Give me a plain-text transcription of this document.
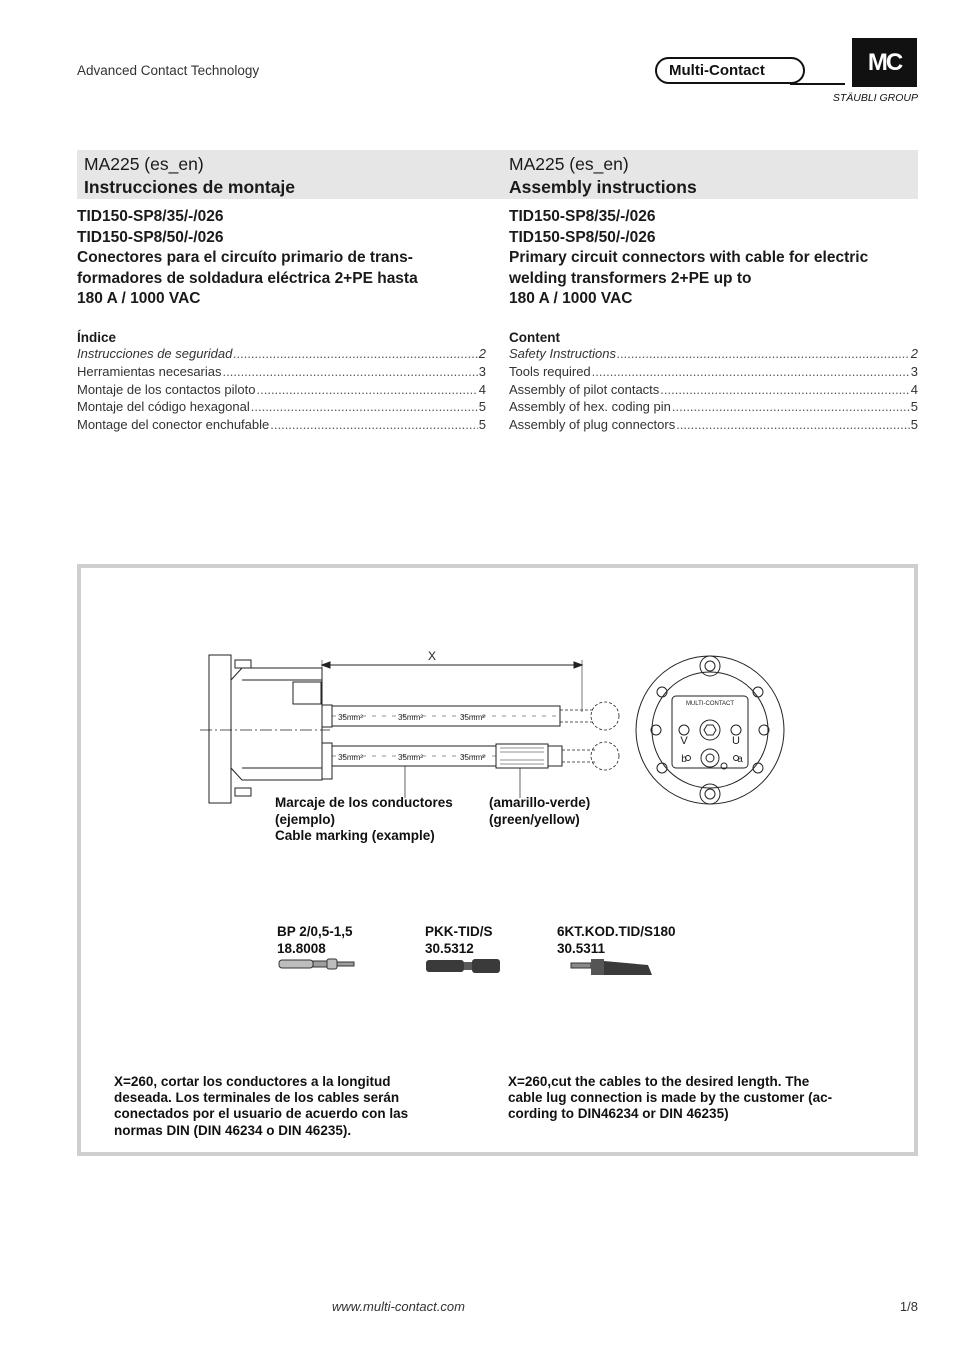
Advanced Contact Technology	Multi-Contact	MC
STÄUBLI GROUP
MA225 (es_en)
Instrucciones de montaje
MA225 (es_en)
Assembly instructions
TID150-SP8/35/-/026
TID150-SP8/50/-/026
Conectores para el circuíto primario de trans-
formadores de soldadura eléctrica 2+PE hasta
180 A / 1000 VAC
TID150-SP8/35/-/026
TID150-SP8/50/-/026
Primary circuit connectors with cable for electric
welding transformers 2+PE up to
180 A / 1000 VAC
Índice
Instrucciones de seguridad .....	2
Herramientas necesarias .....	3
Montaje de los contactos piloto .....	4
Montaje del código hexagonal .....	5
Montage del conector enchufable .....	5
Content
Safety Instructions .....	2
Tools required .....	3
Assembly of pilot contacts .....	4
Assembly of hex. coding pin .....	5
Assembly of plug connectors .....	5
X
35mm²	35mm²	35mm²
35mm²	35mm²	35mm²
MULTI-CONTACT
V	U
b	a
Marcaje de los conductores
(ejemplo)
Cable marking (example)
(amarillo-verde)
(green/yellow)
BP 2/0,5-1,5
18.8008
PKK-TID/S
30.5312
6KT.KOD.TID/S180
30.5311
X=260, cortar los conductores a la longitud
deseada. Los terminales de los cables serán
conectados por el usuario de acuerdo con las
normas DIN (DIN 46234 o DIN 46235).
X=260,cut the cables to the desired length. The
cable lug connection is made by the customer (ac-
cording to DIN46234 or DIN 46235)
www.multi-contact.com	1/8
